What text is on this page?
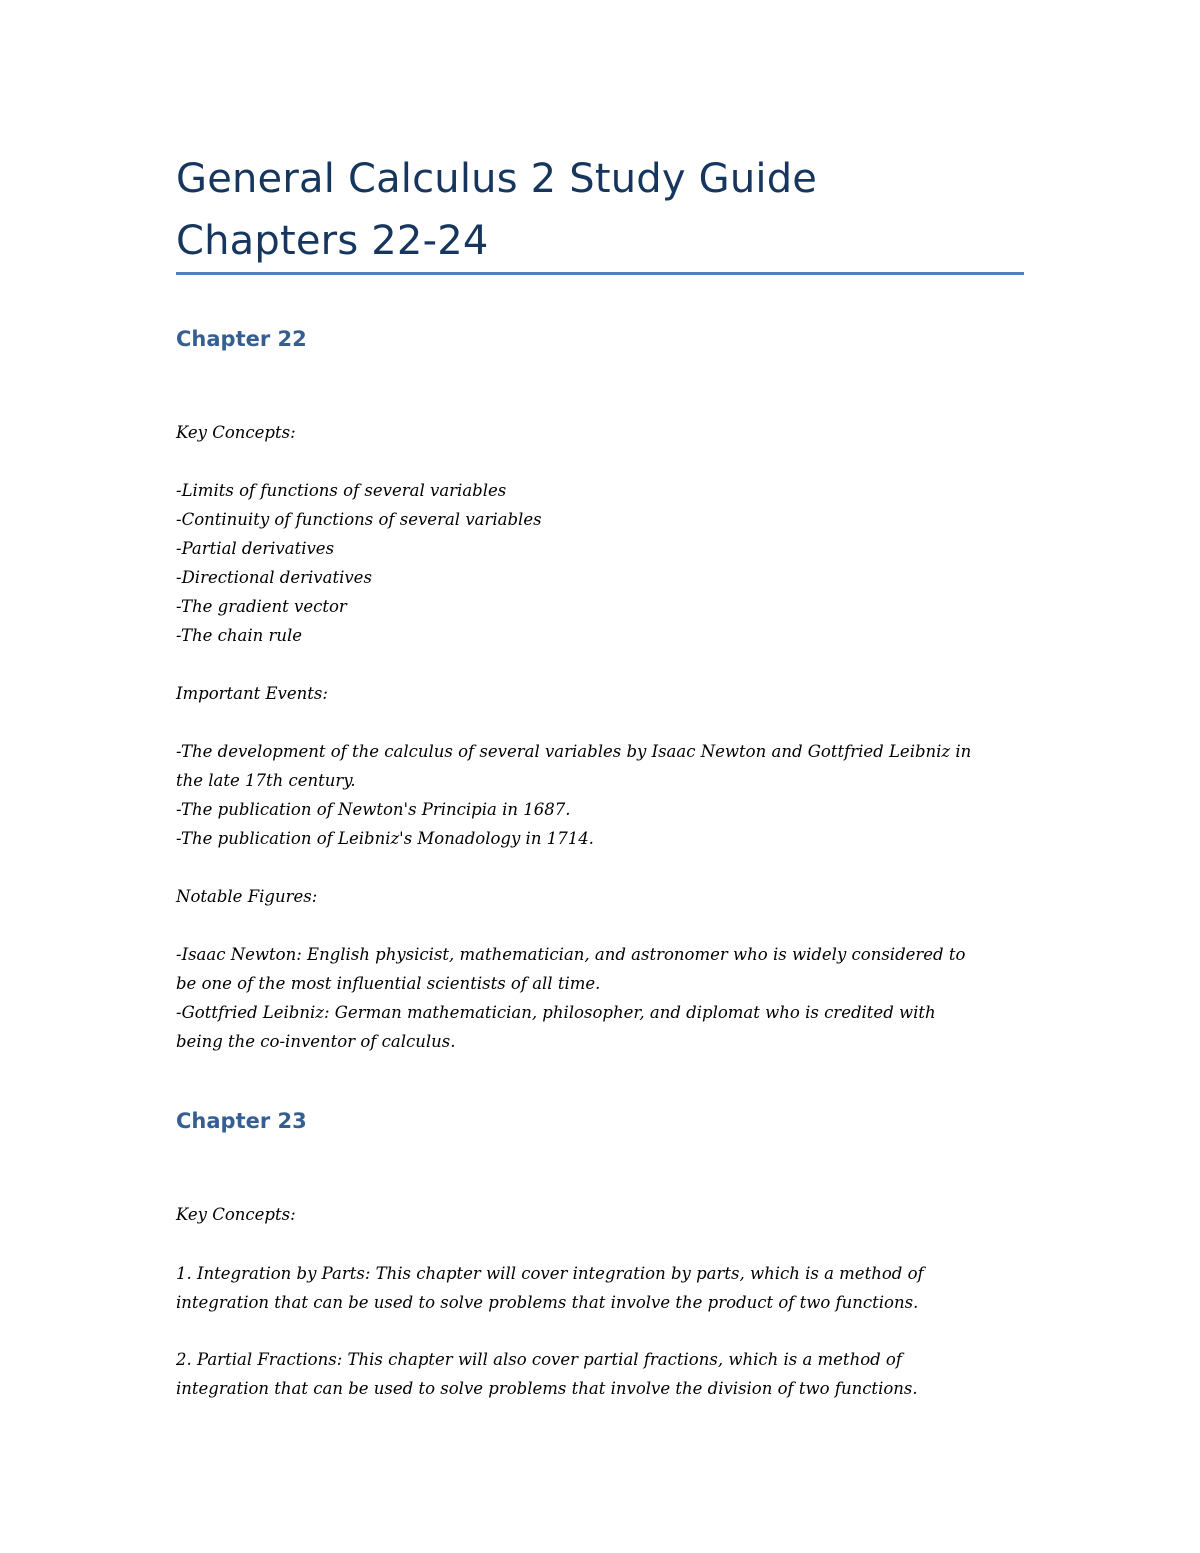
General Calculus 2 Study Guide
Chapters 22-24
Chapter 22
Key Concepts:
-Limits of functions of several variables
-Continuity of functions of several variables
-Partial derivatives
-Directional derivatives
-The gradient vector
-The chain rule
Important Events:
-The development of the calculus of several variables by Isaac Newton and Gottfried Leibniz in
the late 17th century.
-The publication of Newton's Principia in 1687.
-The publication of Leibniz's Monadology in 1714.
Notable Figures:
-Isaac Newton: English physicist, mathematician, and astronomer who is widely considered to
be one of the most influential scientists of all time.
-Gottfried Leibniz: German mathematician, philosopher, and diplomat who is credited with
being the co-inventor of calculus.
Chapter 23
Key Concepts:
1. Integration by Parts: This chapter will cover integration by parts, which is a method of
integration that can be used to solve problems that involve the product of two functions.
2. Partial Fractions: This chapter will also cover partial fractions, which is a method of
integration that can be used to solve problems that involve the division of two functions.
